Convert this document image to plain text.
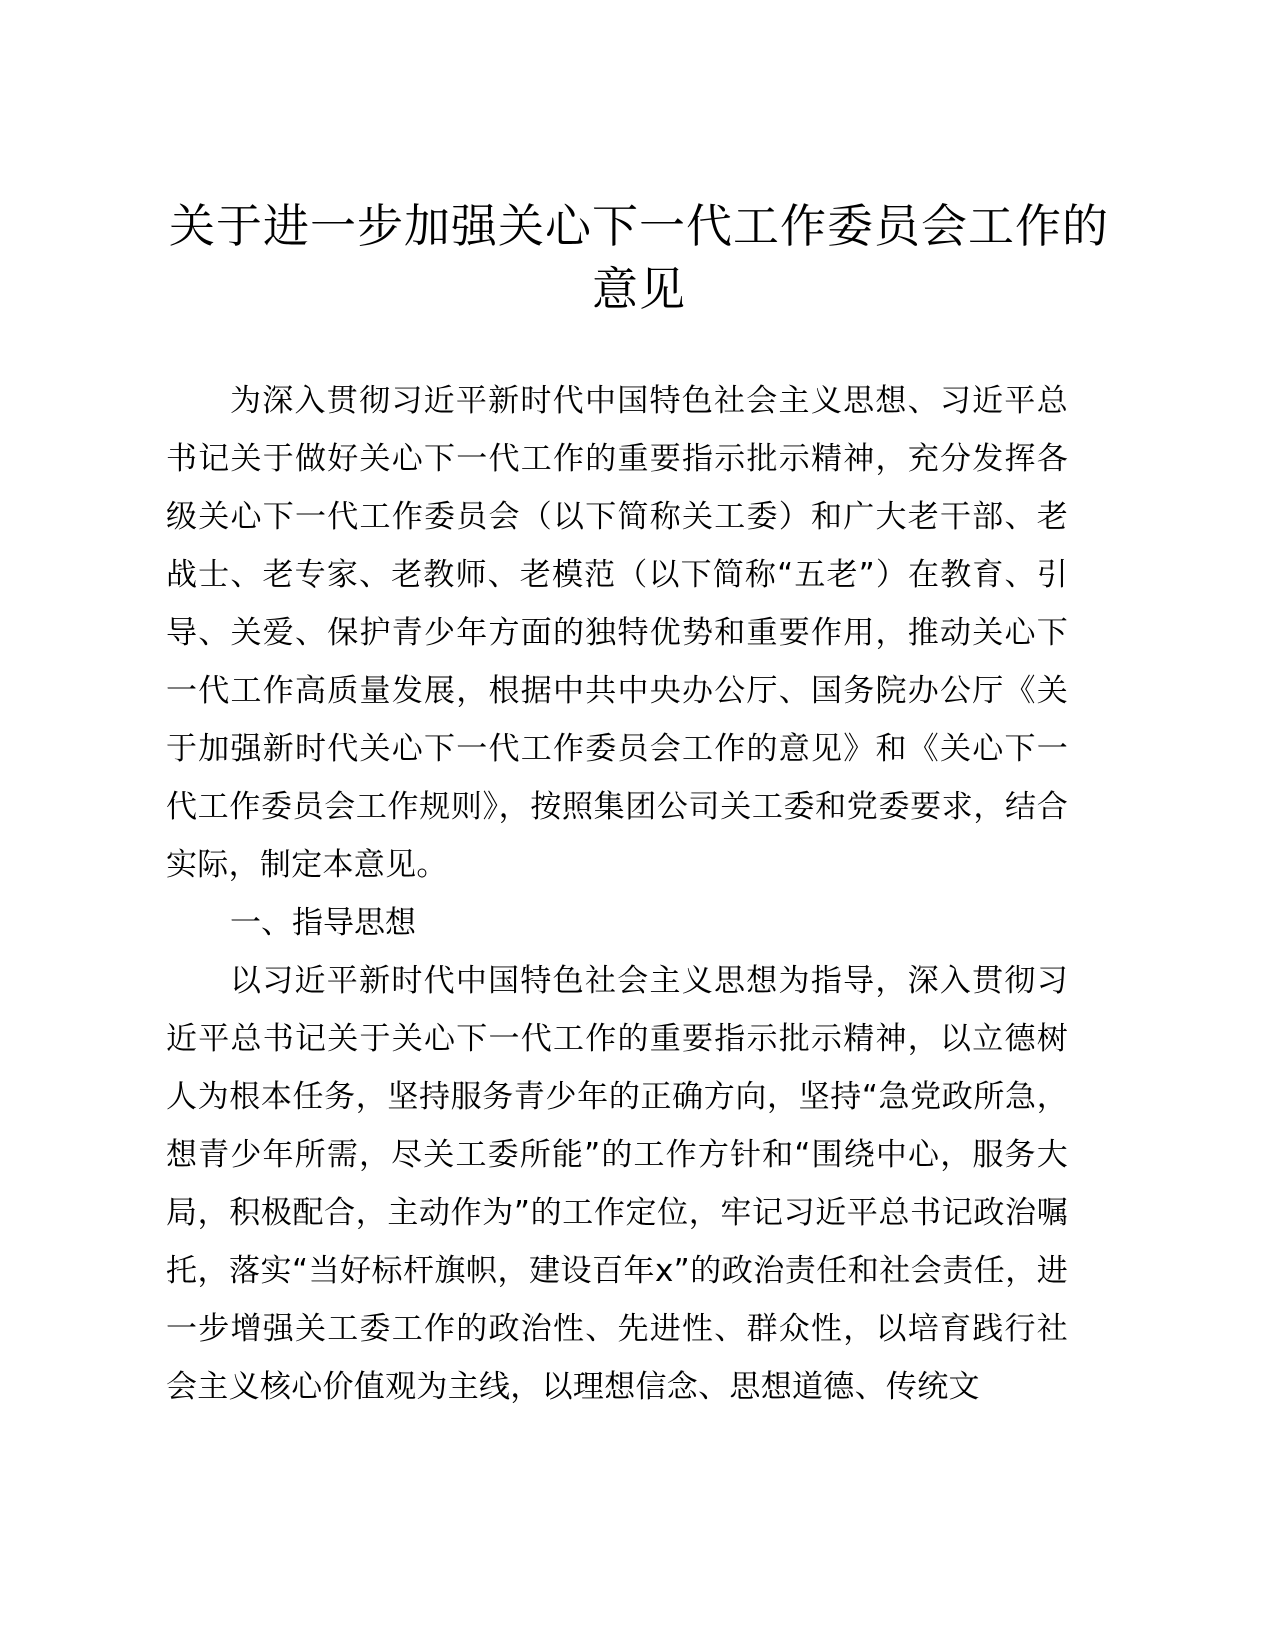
关于进一步加强关心下一代工作委员会工作的意见

为深入贯彻习近平新时代中国特色社会主义思想、习近平总书记关于做好关心下一代工作的重要指示批示精神，充分发挥各级关心下一代工作委员会（以下简称关工委）和广大老干部、老战士、老专家、老教师、老模范（以下简称“五老”）在教育、引导、关爱、保护青少年方面的独特优势和重要作用，推动关心下一代工作高质量发展，根据中共中央办公厅、国务院办公厅《关于加强新时代关心下一代工作委员会工作的意见》和《关心下一代工作委员会工作规则》，按照集团公司关工委和党委要求，结合实际，制定本意见。

一、指导思想

以习近平新时代中国特色社会主义思想为指导，深入贯彻习近平总书记关于关心下一代工作的重要指示批示精神，以立德树人为根本任务，坚持服务青少年的正确方向，坚持“急党政所急，想青少年所需，尽关工委所能”的工作方针和“围绕中心，服务大局，积极配合，主动作为”的工作定位，牢记习近平总书记政治嘱托，落实“当好标杆旗帜，建设百年x”的政治责任和社会责任，进一步增强关工委工作的政治性、先进性、群众性，以培育践行社会主义核心价值观为主线，以理想信念、思想道德、传统文
